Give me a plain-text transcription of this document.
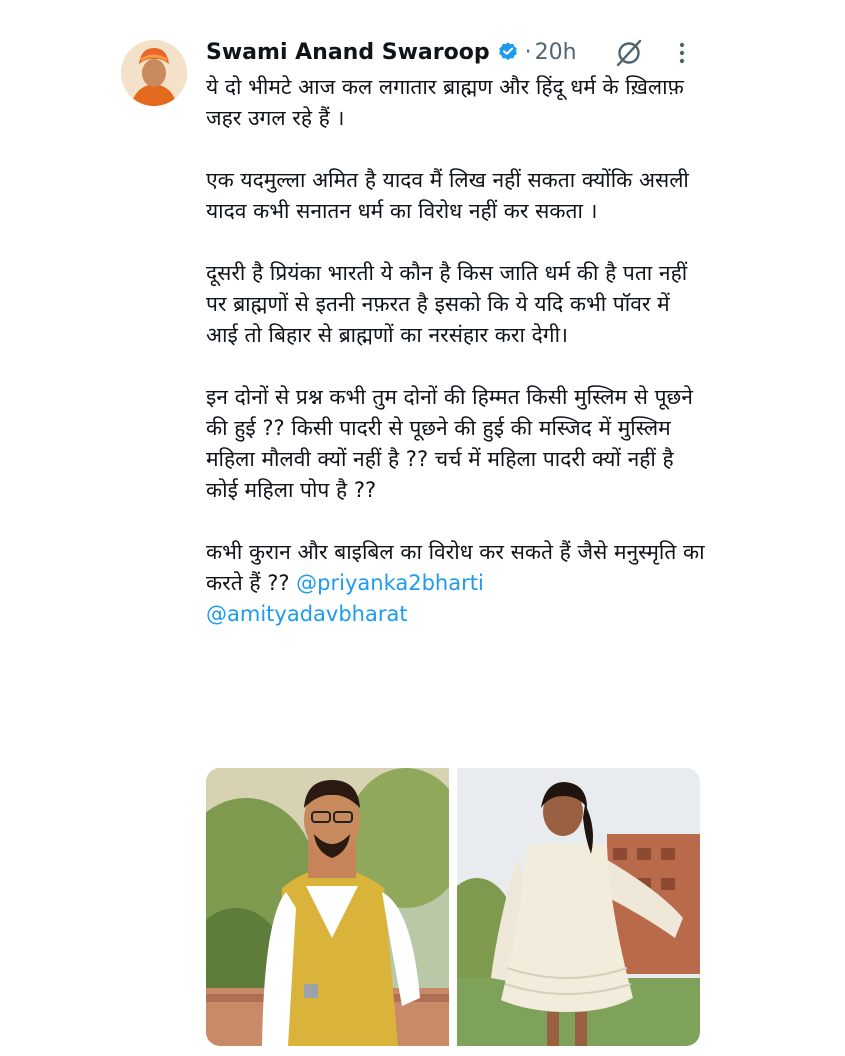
Swami Anand Swaroop · 20h

ये दो भीमटे आज कल लगातार ब्राह्मण और हिंदू धर्म के ख़िलाफ़ जहर उगल रहे हैं ।

एक यदमुल्ला अमित है यादव मैं लिख नहीं सकता क्योंकि असली यादव कभी सनातन धर्म का विरोध नहीं कर सकता ।

दूसरी है प्रियंका भारती ये कौन है किस जाति धर्म की है पता नहीं पर ब्राह्मणों से इतनी नफ़रत है इसको कि ये यदि कभी पॉवर में आई तो बिहार से ब्राह्मणों का नरसंहार करा देगी।

इन दोनों से प्रश्न कभी तुम दोनों की हिम्मत किसी मुस्लिम से पूछने की हुई ?? किसी पादरी से पूछने की हुई की मस्जिद में मुस्लिम महिला मौलवी क्यों नहीं है ?? चर्च में महिला पादरी क्यों नहीं है कोई महिला पोप है ??

कभी कुरान और बाइबिल का विरोध कर सकते हैं जैसे मनुस्मृति का करते हैं ?? @priyanka2bharti
@amityadavbharat
